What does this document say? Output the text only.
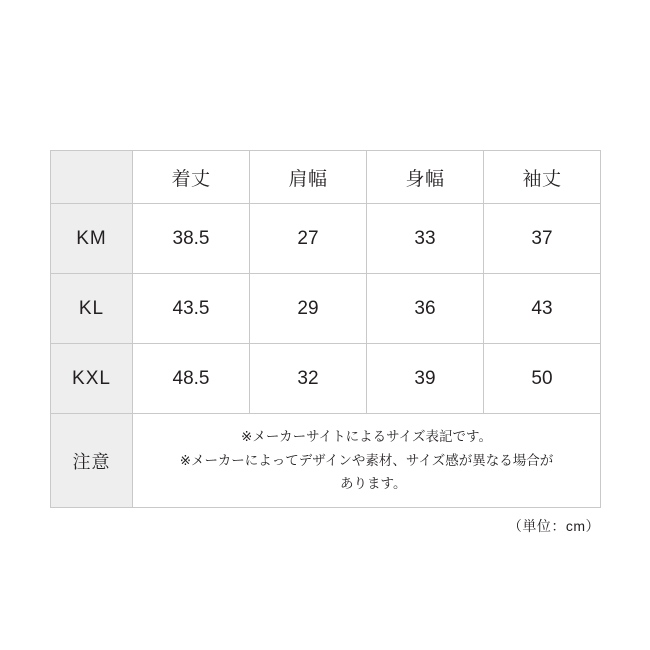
	着丈	肩幅	身幅	袖丈
KM	38.5	27	33	37
KL	43.5	29	36	43
KXL	48.5	32	39	50
注意	※メーカーサイトによるサイズ表記です。
※メーカーによってデザインや素材、サイズ感が異なる場合が
　あります。			
（単位：cm）
